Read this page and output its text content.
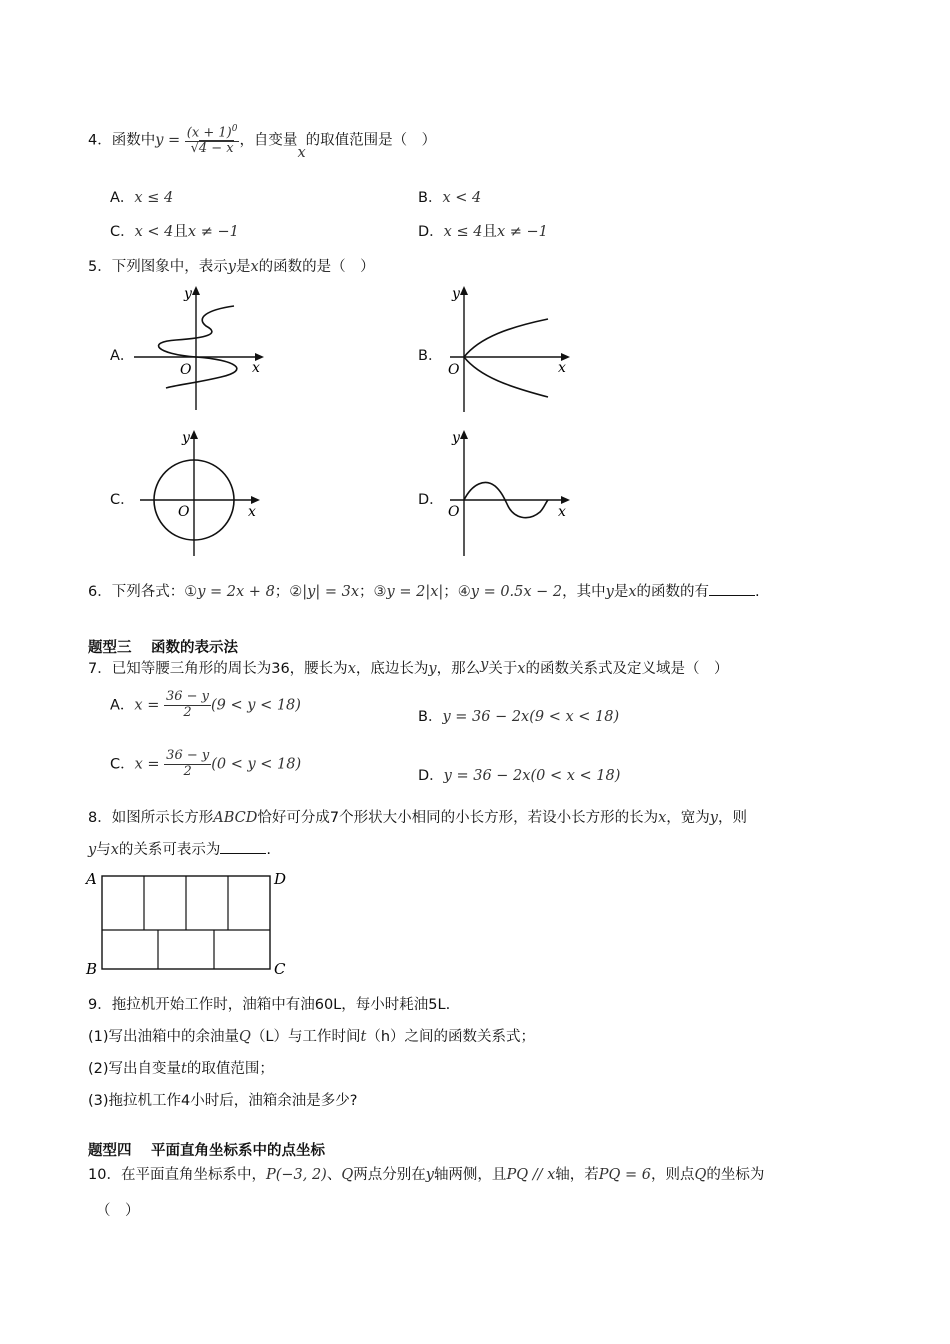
4．函数中$y = \frac{(x + 1)^0}{√4 - x}$ ，自变量x的取值范围是（　）
A．x ≤ 4	B．x < 4
C．x < 4且x ≠ −1	D．x ≤ 4且x ≠ −1
5．下列图象中，表示y是x的函数的是（　）
A．	B．
C．	D．
y
x
O
y
x
O
y
x
O
y
x
O
6．下列各式：①y = 2x + 8；②|y| = 3x；③y = 2|x|；④y = 0.5x − 2，其中y是x的函数的有	.
题型三　 函数的表示法
7．已知等腰三角形的周长为36，腰长为x，底边长为y，那么y关于x的函数关系式及定义域是（　）
A．$x = \frac{36 - y}{2} (9 < y < 18)$
B．y = 36 − 2x(9 < x < 18)
C．$x = \frac{36 - y}{2} (0 < y < 18)$
D．y = 36 − 2x(0 < x < 18)
8．如图所示长方形ABCD恰好可分成7个形状大小相同的小长方形，若设小长方形的长为x，宽为y，则
y与x的关系可表示为	.
A	D
B	C
9．拖拉机开始工作时，油箱中有油60L，每小时耗油5L.
(1)写出油箱中的余油量Q（L）与工作时间t（h）之间的函数关系式；
(2)写出自变量t的取值范围；
(3)拖拉机工作4小时后，油箱余油是多少?
题型四　 平面直角坐标系中的点坐标
10．在平面直角坐标系中，P(−3, 2)、Q两点分别在y轴两侧，且PQ // x轴，若PQ = 6，则点Q的坐标为
（　）
